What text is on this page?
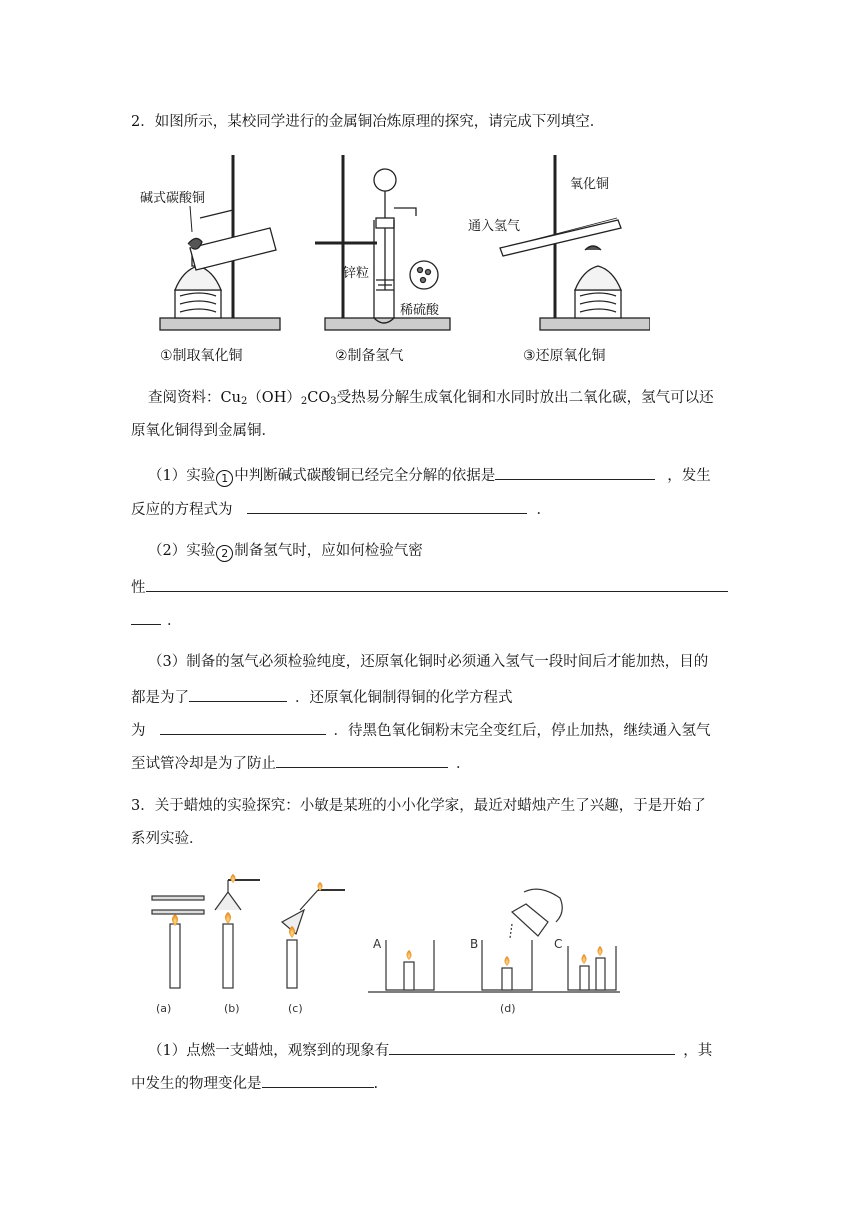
2．如图所示，某校同学进行的金属铜冶炼原理的探究，请完成下列填空．
碱式碳酸铜
锌粒
稀硫酸
氧化铜
通入氢气
①制取氧化铜	②制备氢气	③还原氧化铜
查阅资料：$Cu_2(OH)_2CO_3$受热易分解生成氧化铜和水同时放出二氧化碳，氢气可以还
原氧化铜得到金属铜．
（1）实验 1 中判断碱式碳酸铜已经完全分解的依据是	，发生
反应的方程式为	．
（2）实验 2 制备氢气时，应如何检验气密
性
．
（3）制备的氢气必须检验纯度，还原氧化铜时必须通入氢气一段时间后才能加热，目的
都是为了	．还原氧化铜制得铜的化学方程式
为	．待黑色氧化铜粉末完全变红后，停止加热，继续通入氢气
至试管冷却是为了防止	．
3．关于蜡烛的实验探究：小敏是某班的小小化学家，最近对蜡烛产生了兴趣，于是开始了
系列实验．
(a)	(b)	(c)
A	B	C
(d)
（1）点燃一支蜡烛，观察到的现象有	，其
中发生的物理变化是	.
